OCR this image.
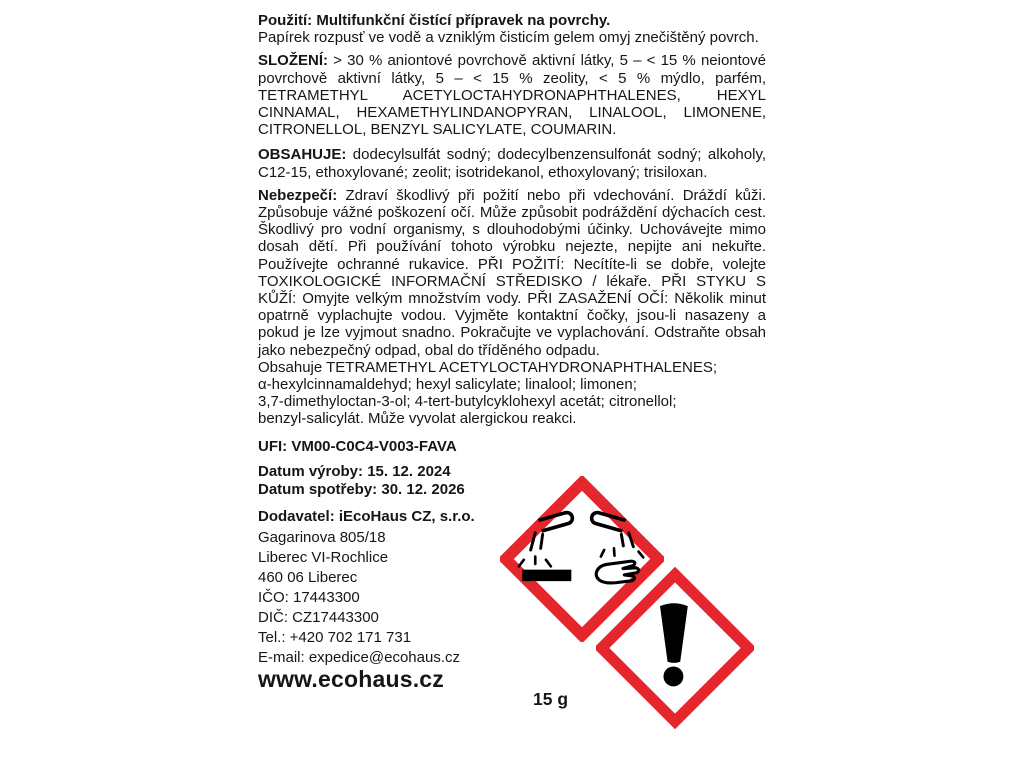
Použití: Multifunkční čistící přípravek na povrchy.
Papírek rozpusť ve vodě a vzniklým čisticím gelem omyj znečištěný povrch.
SLOŽENÍ: > 30 % aniontové povrchově aktivní látky, 5 – < 15 % neiontové povrchově aktivní látky, 5 – < 15 % zeolity, < 5 % mýdlo, parfém, TETRAMETHYL ACETYLOCTAHYDRONAPHTHALENES, HEXYL CINNAMAL, HEXAMETHYLINDANOPYRAN, LINALOOL, LIMONENE, CITRONELLOL, BENZYL SALICYLATE, COUMARIN.
OBSAHUJE: dodecylsulfát sodný; dodecylbenzensulfonát sodný; alkoholy, C12-15, ethoxylované; zeolit; isotridekanol, ethoxylovaný; trisiloxan.
Nebezpečí: Zdraví škodlivý při požití nebo při vdechování. Dráždí kůži. Způsobuje vážné poškození očí. Může způsobit podráždění dýchacích cest. Škodlivý pro vodní organismy, s dlouhodobými účinky. Uchovávejte mimo dosah dětí. Při používání tohoto výrobku nejezte, nepijte ani nekuřte. Používejte ochranné rukavice. PŘI POŽITÍ: Necítíte-li se dobře, volejte TOXIKOLOGICKÉ INFORMAČNÍ STŘEDISKO / lékaře. PŘI STYKU S KŮŽÍ: Omyjte velkým množstvím vody. PŘI ZASAŽENÍ OČÍ: Několik minut opatrně vyplachujte vodou. Vyjměte kontaktní čočky, jsou-li nasazeny a pokud je lze vyjmout snadno. Pokračujte ve vyplachování. Odstraňte obsah jako nebezpečný odpad, obal do tříděného odpadu.
Obsahuje TETRAMETHYL ACETYLOCTAHYDRONAPHTHALENES;
α-hexylcinnamaldehyd; hexyl salicylate; linalool; limonen;
3,7-dimethyloctan-3-ol; 4-tert-butylcyklohexyl acetát; citronellol;
benzyl-salicylát. Může vyvolat alergickou reakci.
UFI: VM00-C0C4-V003-FAVA
Datum výroby: 15. 12. 2024
Datum spotřeby: 30. 12. 2026
Dodavatel: iEcoHaus CZ, s.r.o.
Gagarinova 805/18
Liberec VI-Rochlice
460 06 Liberec
IČO: 17443300
DIČ: CZ17443300
Tel.: +420 702 171 731
E-mail: expedice@ecohaus.cz
www.ecohaus.cz
15 g
